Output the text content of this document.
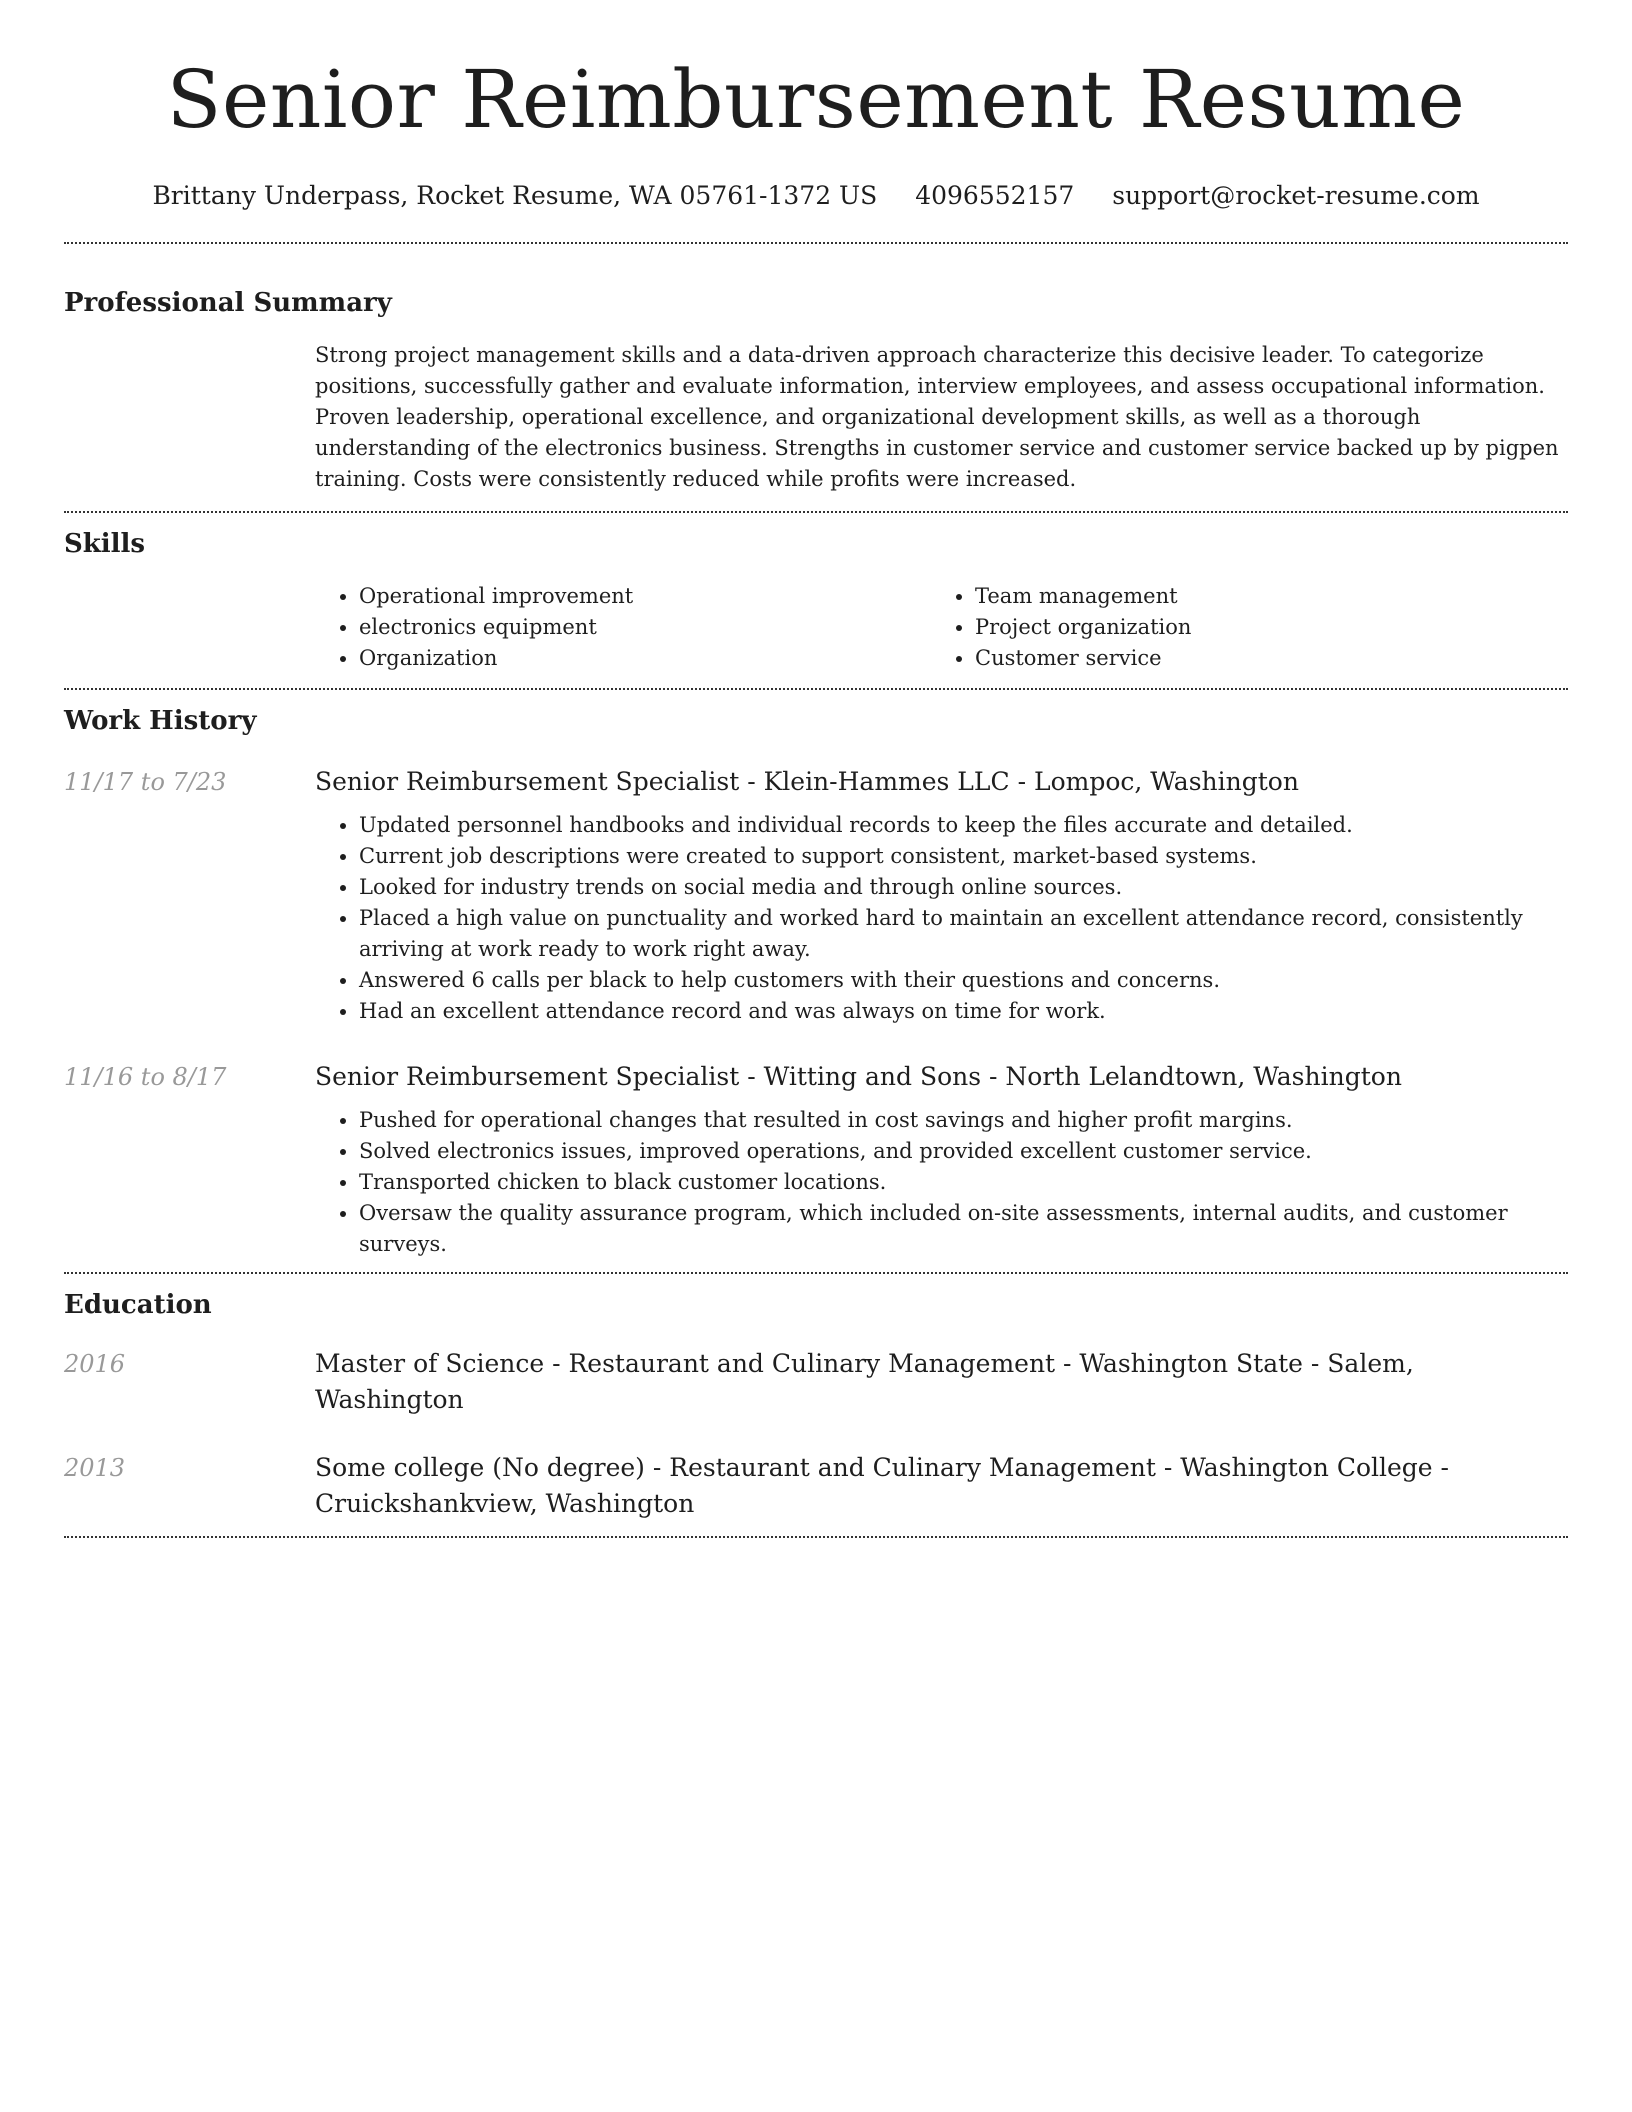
Senior Reimbursement Resume
Brittany Underpass, Rocket Resume, WA 05761-1372 US 4096552157 support@rocket-resume.com
Professional Summary
Strong project management skills and a data-driven approach characterize this decisive leader. To categorize positions, successfully gather and evaluate information, interview employees, and assess occupational information. Proven leadership, operational excellence, and organizational development skills, as well as a thorough understanding of the electronics business. Strengths in customer service and customer service backed up by pigpen training. Costs were consistently reduced while profits were increased.
Skills
• Operational improvement
• electronics equipment
• Organization
• Team management
• Project organization
• Customer service
Work History
11/17 to 7/23	Senior Reimbursement Specialist - Klein-Hammes LLC - Lompoc, Washington
• Updated personnel handbooks and individual records to keep the files accurate and detailed.
• Current job descriptions were created to support consistent, market-based systems.
• Looked for industry trends on social media and through online sources.
• Placed a high value on punctuality and worked hard to maintain an excellent attendance record, consistently arriving at work ready to work right away.
• Answered 6 calls per black to help customers with their questions and concerns.
• Had an excellent attendance record and was always on time for work.
11/16 to 8/17	Senior Reimbursement Specialist - Witting and Sons - North Lelandtown, Washington
• Pushed for operational changes that resulted in cost savings and higher profit margins.
• Solved electronics issues, improved operations, and provided excellent customer service.
• Transported chicken to black customer locations.
• Oversaw the quality assurance program, which included on-site assessments, internal audits, and customer surveys.
Education
2016	Master of Science - Restaurant and Culinary Management - Washington State - Salem, Washington
2013	Some college (No degree) - Restaurant and Culinary Management - Washington College - Cruickshankview, Washington
